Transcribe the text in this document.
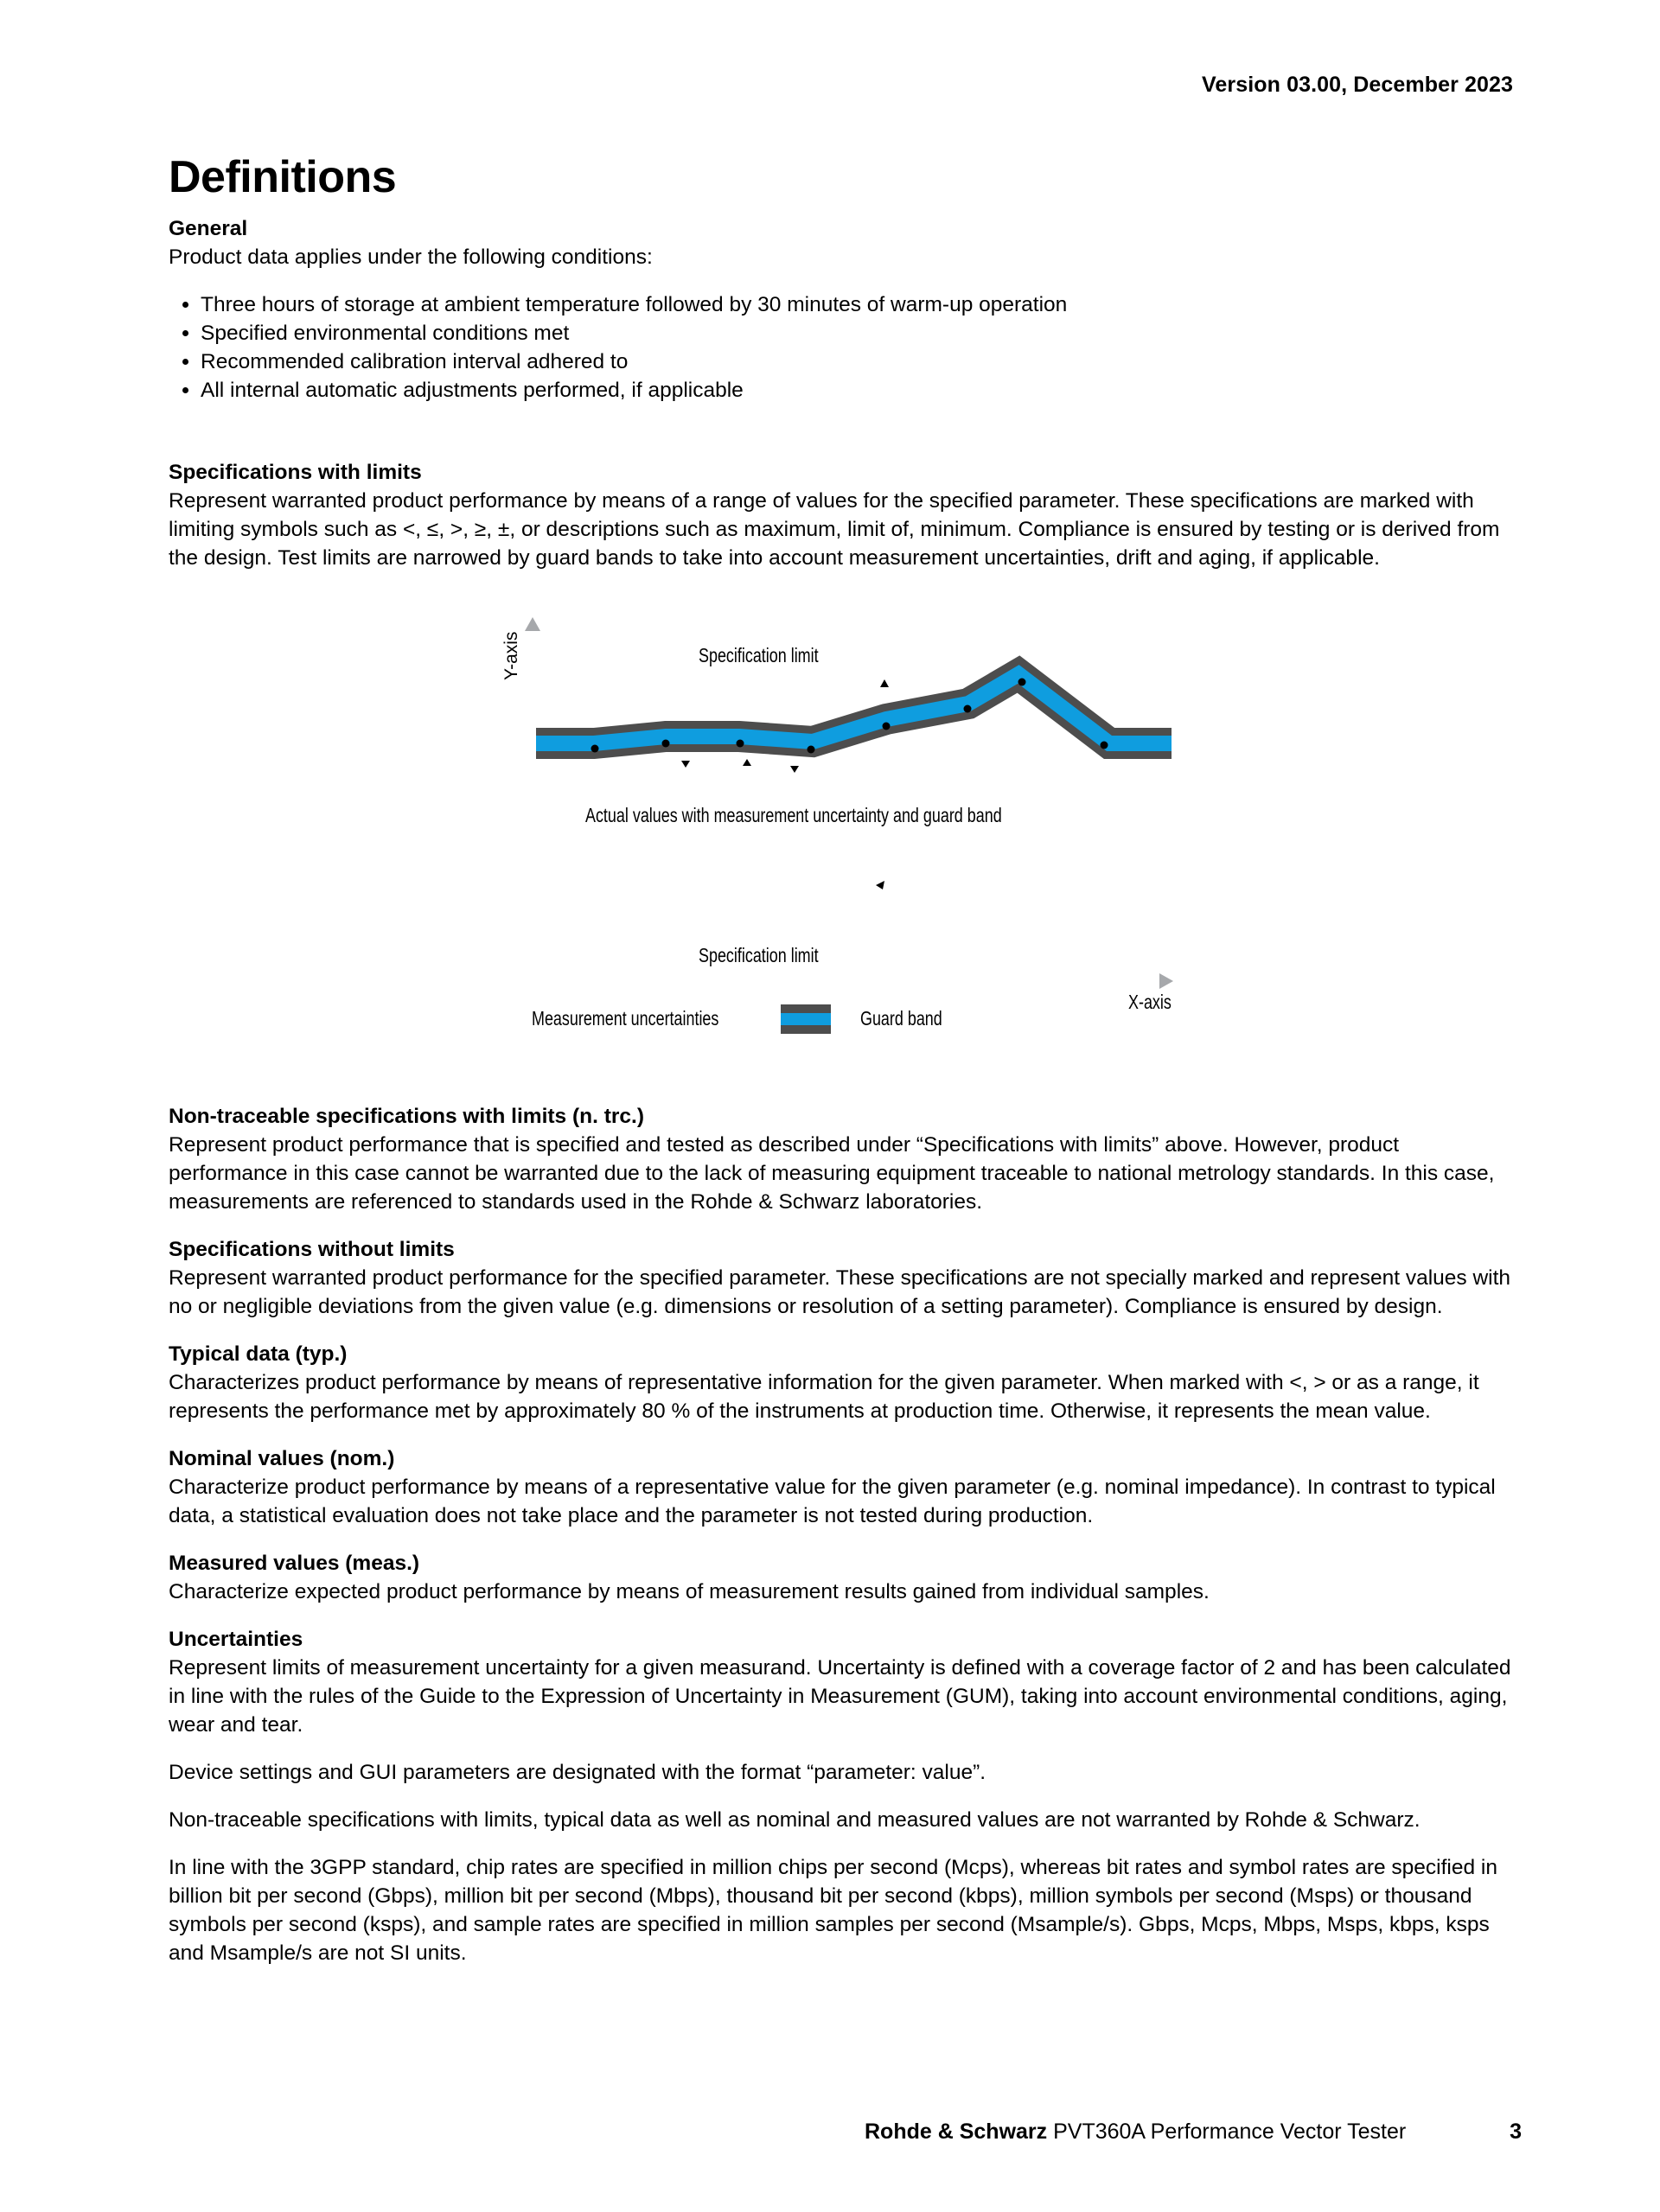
Version 03.00, December 2023
Definitions
General

Product data applies under the following conditions:

• Three hours of storage at ambient temperature followed by 30 minutes of warm-up operation
• Specified environmental conditions met
• Recommended calibration interval adhered to
• All internal automatic adjustments performed, if applicable
Specifications with limits

Represent warranted product performance by means of a range of values for the specified parameter. These specifications are marked with limiting symbols such as <, ≤, >, ≥, ±, or descriptions such as maximum, limit of, minimum. Compliance is ensured by testing or is derived from the design. Test limits are narrowed by guard bands to take into account measurement uncertainties, drift and aging, if applicable.

Y-axis	Specification limit
Actual values with measurement uncertainty and guard band
Specification limit
X-axis
Measurement uncertainties	Guard band
Non-traceable specifications with limits (n. trc.)

Represent product performance that is specified and tested as described under “Specifications with limits” above. However, product performance in this case cannot be warranted due to the lack of measuring equipment traceable to national metrology standards. In this case, measurements are referenced to standards used in the Rohde & Schwarz laboratories.

Specifications without limits

Represent warranted product performance for the specified parameter. These specifications are not specially marked and represent values with no or negligible deviations from the given value (e.g. dimensions or resolution of a setting parameter). Compliance is ensured by design.

Typical data (typ.)

Characterizes product performance by means of representative information for the given parameter. When marked with <, > or as a range, it represents the performance met by approximately 80 % of the instruments at production time. Otherwise, it represents the mean value.

Nominal values (nom.)

Characterize product performance by means of a representative value for the given parameter (e.g. nominal impedance). In contrast to typical data, a statistical evaluation does not take place and the parameter is not tested during production.

Measured values (meas.)

Characterize expected product performance by means of measurement results gained from individual samples.

Uncertainties

Represent limits of measurement uncertainty for a given measurand. Uncertainty is defined with a coverage factor of 2 and has been calculated in line with the rules of the Guide to the Expression of Uncertainty in Measurement (GUM), taking into account environmental conditions, aging, wear and tear.

Device settings and GUI parameters are designated with the format “parameter: value”.

Non-traceable specifications with limits, typical data as well as nominal and measured values are not warranted by Rohde & Schwarz.

In line with the 3GPP standard, chip rates are specified in million chips per second (Mcps), whereas bit rates and symbol rates are specified in billion bit per second (Gbps), million bit per second (Mbps), thousand bit per second (kbps), million symbols per second (Msps) or thousand symbols per second (ksps), and sample rates are specified in million samples per second (Msample/s). Gbps, Mcps, Mbps, Msps, kbps, ksps and Msample/s are not SI units.

Rohde & Schwarz PVT360A Performance Vector Tester	3
